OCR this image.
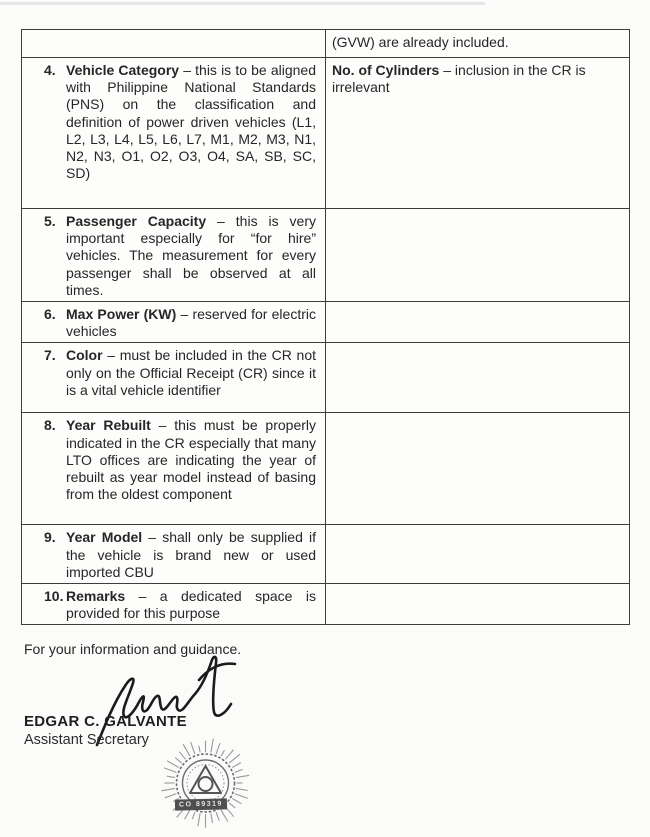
(GVW) are already included.
4. Vehicle Category – this is to be aligned with Philippine National Standards (PNS) on the classification and definition of power driven vehicles (L1, L2, L3, L4, L5, L6, L7, M1, M2, M3, N1, N2, N3, O1, O2, O3, O4, SA, SB, SC, SD)
No. of Cylinders – inclusion in the CR is irrelevant
5. Passenger Capacity – this is very important especially for “for hire” vehicles. The measurement for every passenger shall be observed at all times.
6. Max Power (KW) – reserved for electric vehicles
7. Color – must be included in the CR not only on the Official Receipt (CR) since it is a vital vehicle identifier
8. Year Rebuilt – this must be properly indicated in the CR especially that many LTO offices are indicating the year of rebuilt as year model instead of basing from the oldest component
9. Year Model – shall only be supplied if the vehicle is brand new or used imported CBU
10. Remarks – a dedicated space is provided for this purpose

For your information and guidance.

EDGAR C. GALVANTE
Assistant Secretary
CO 89319
